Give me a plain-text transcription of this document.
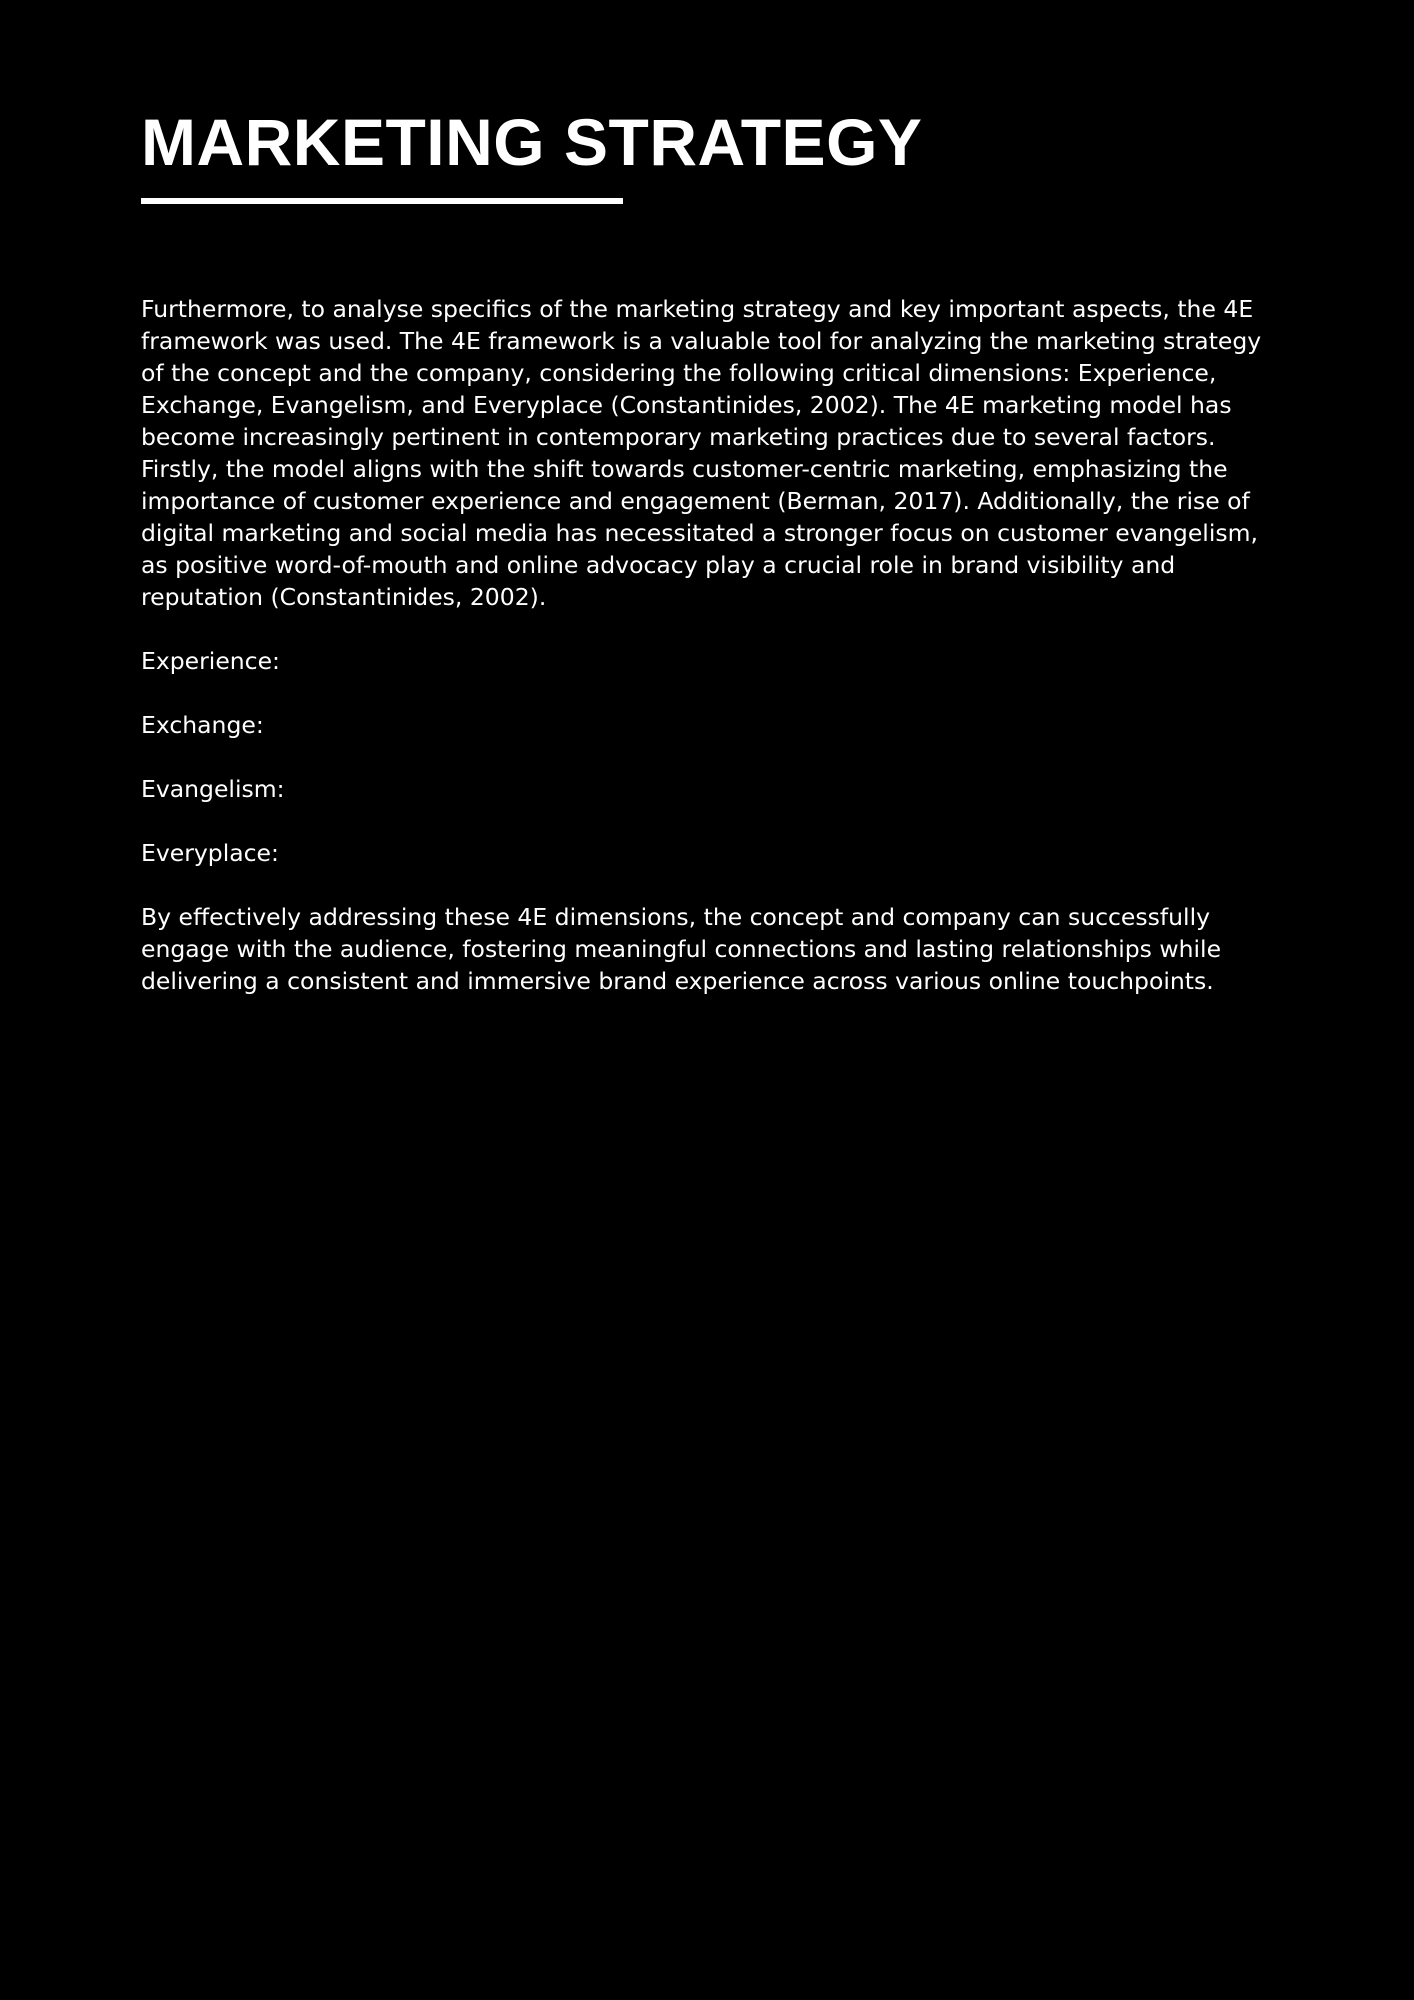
MARKETING STRATEGY

Furthermore, to analyse specifics of the marketing strategy and key important aspects, the 4E framework was used. The 4E framework is a valuable tool for analyzing the marketing strategy of the concept and the company, considering the following critical dimensions: Experience, Exchange, Evangelism, and Everyplace (Constantinides, 2002). The 4E marketing model has become increasingly pertinent in contemporary marketing practices due to several factors. Firstly, the model aligns with the shift towards customer-centric marketing, emphasizing the importance of customer experience and engagement (Berman, 2017). Additionally, the rise of digital marketing and social media has necessitated a stronger focus on customer evangelism, as positive word-of-mouth and online advocacy play a crucial role in brand visibility and reputation (Constantinides, 2002).

Experience:

Exchange:

Evangelism:

Everyplace:

By effectively addressing these 4E dimensions, the concept and company can successfully engage with the audience, fostering meaningful connections and lasting relationships while delivering a consistent and immersive brand experience across various online touchpoints.
